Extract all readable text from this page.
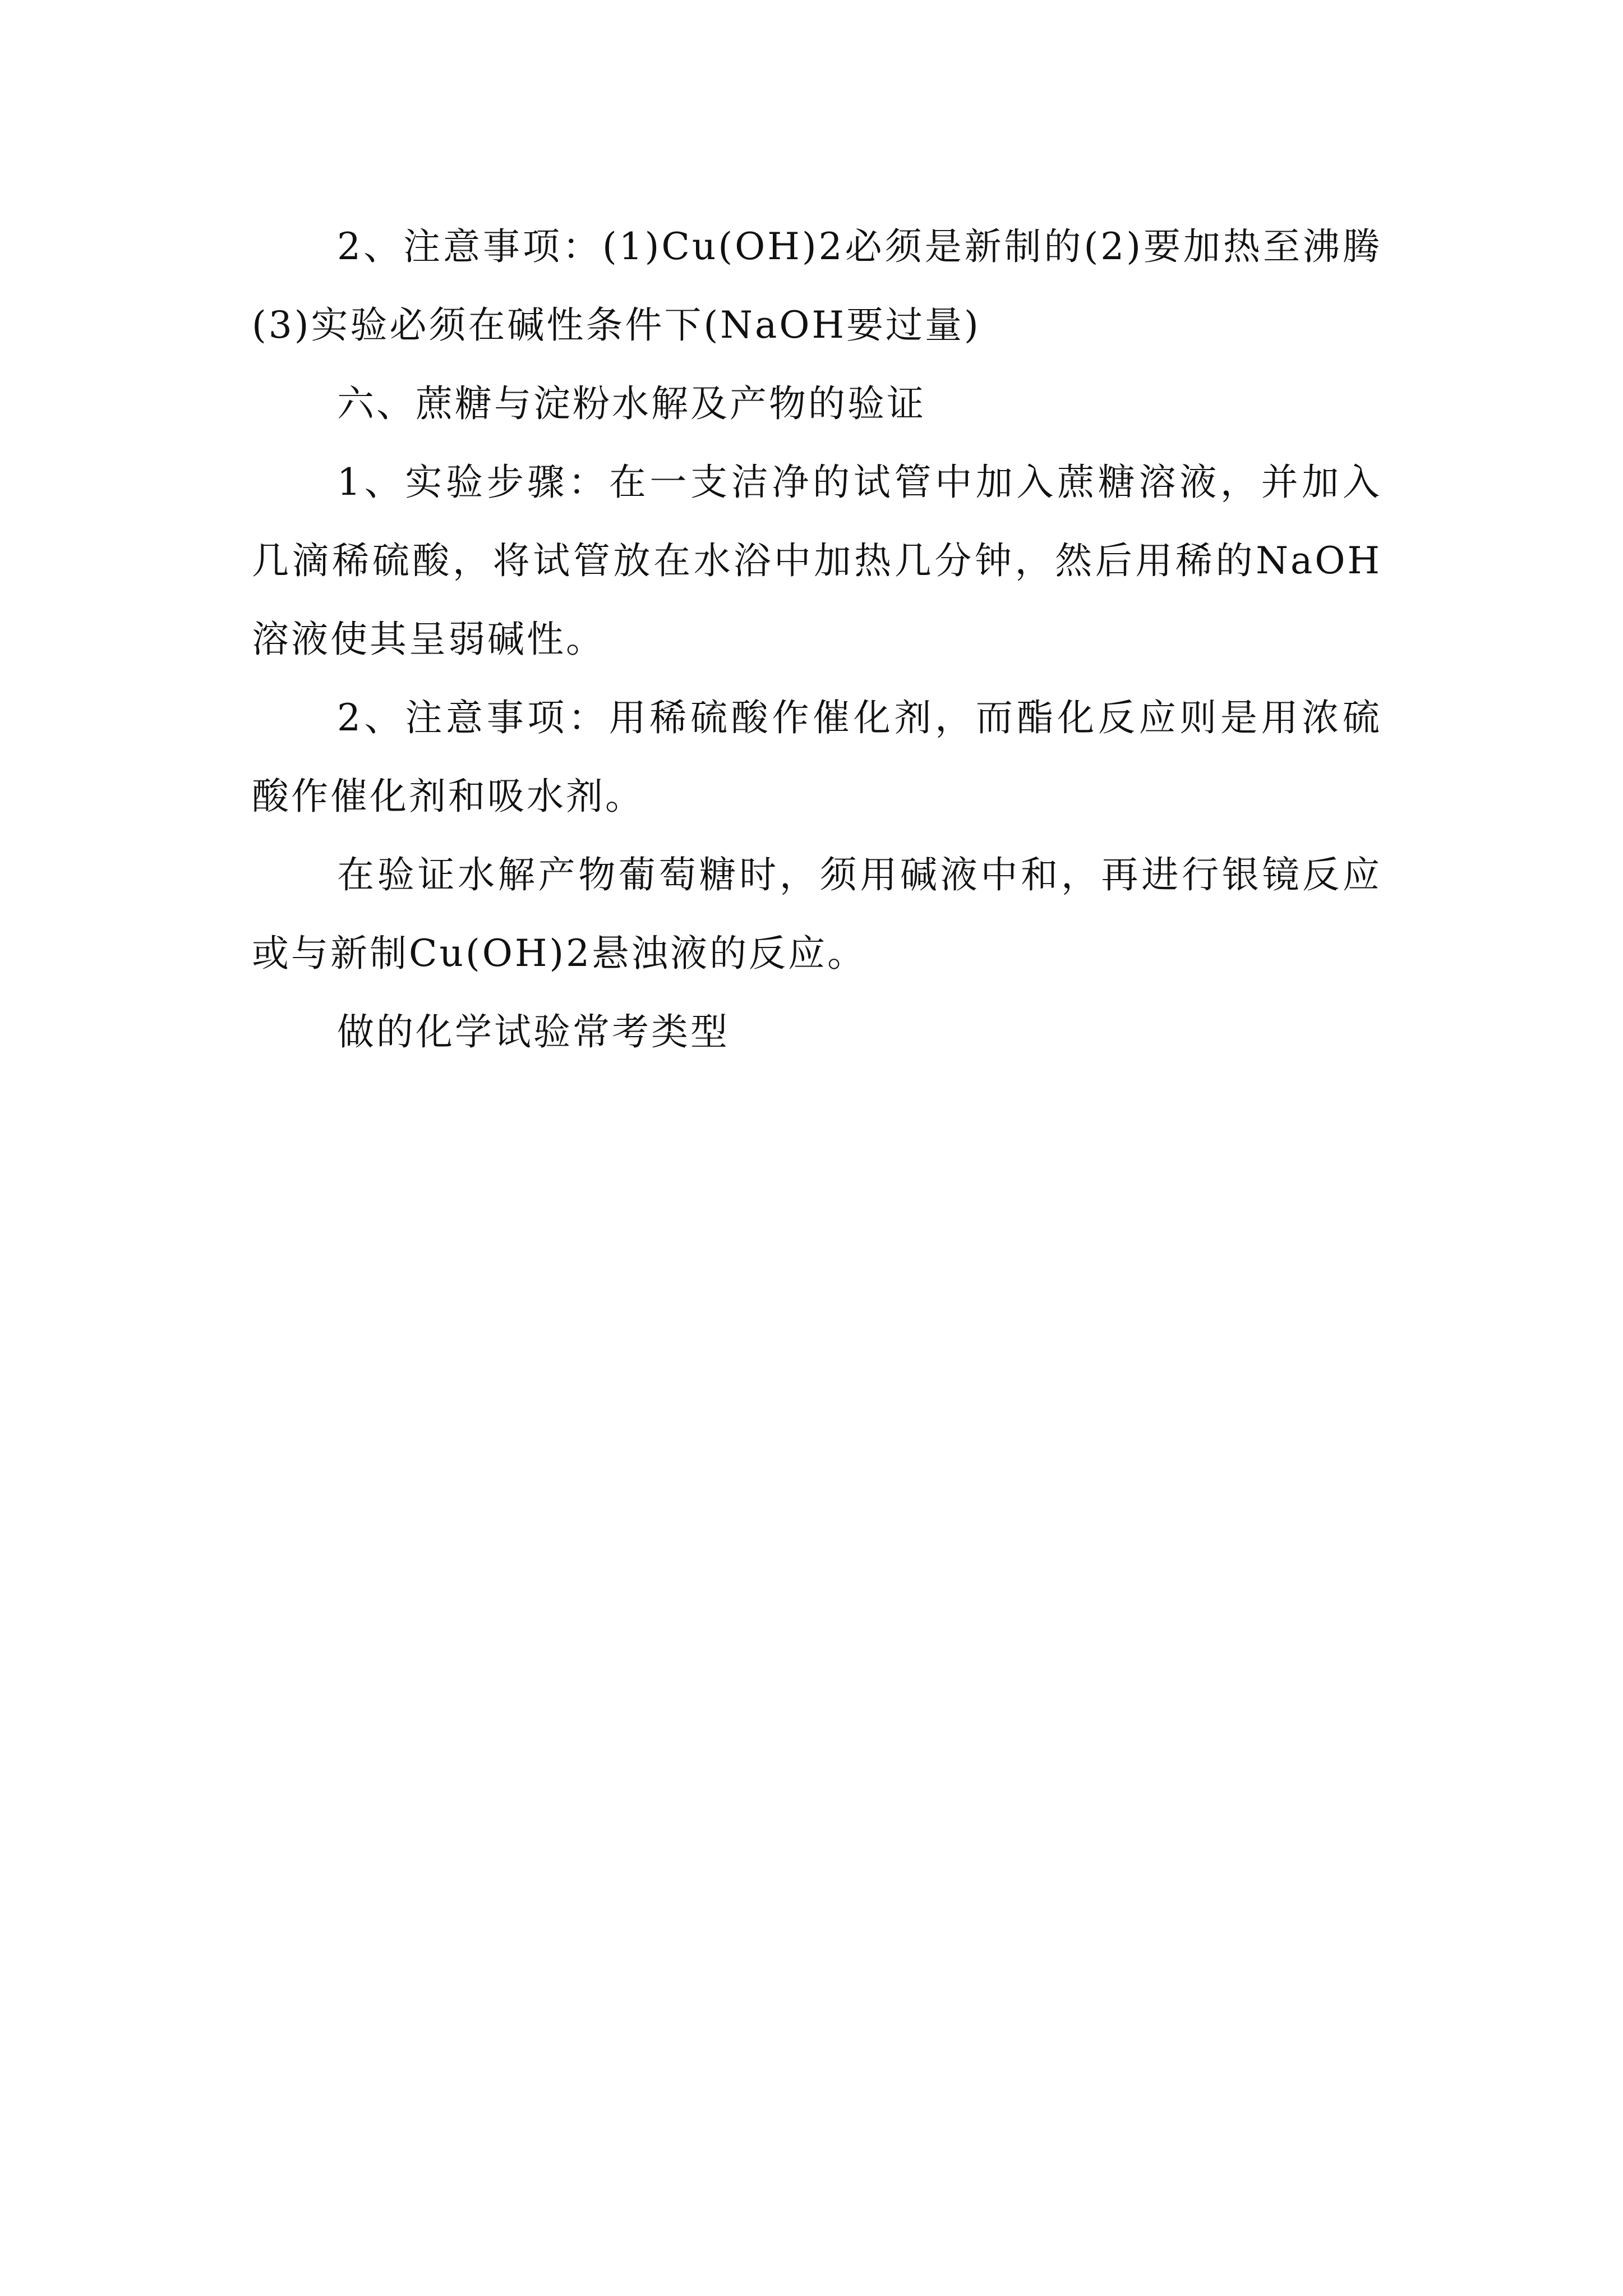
2、注意事项：(1)Cu(OH)2必须是新制的(2)要加热至沸腾(3)实验必须在碱性条件下(NaOH要过量)

六、蔗糖与淀粉水解及产物的验证

1、实验步骤：在一支洁净的试管中加入蔗糖溶液，并加入几滴稀硫酸，将试管放在水浴中加热几分钟，然后用稀的NaOH溶液使其呈弱碱性。

2、注意事项：用稀硫酸作催化剂，而酯化反应则是用浓硫酸作催化剂和吸水剂。

在验证水解产物葡萄糖时，须用碱液中和，再进行银镜反应或与新制Cu(OH)2悬浊液的反应。

做的化学试验常考类型
